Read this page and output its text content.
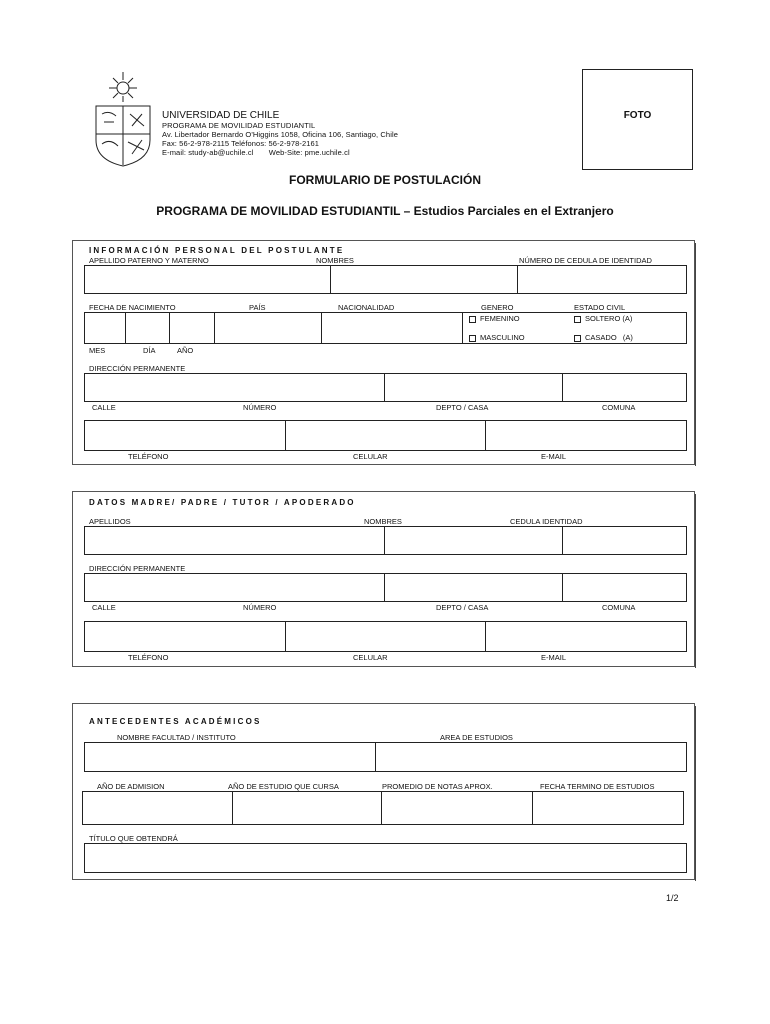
UNIVERSIDAD DE CHILE
PROGRAMA DE MOVILIDAD ESTUDIANTIL
Av. Libertador Bernardo O'Higgins 1058, Oficina 106, Santiago, Chile
Fax: 56-2-978-2115 Teléfonos: 56-2-978-2161
E-mail: study-ab@uchile.cl       Web-Site: pme.uchile.cl
FOTO
FORMULARIO DE POSTULACIÓN
PROGRAMA DE MOVILIDAD ESTUDIANTIL – Estudios Parciales en el Extranjero
INFORMACIÓN PERSONAL DEL POSTULANTE
APELLIDO PATERNO Y MATERNO	NOMBRES	NÚMERO DE CEDULA DE IDENTIDAD
FECHA DE NACIMIENTO	PAÍS	NACIONALIDAD	GENERO	ESTADO CIVIL
FEMENINO
MASCULINO
SOLTERO (A)
CASADO   (A)
MES	DÍA	AÑO
DIRECCIÓN PERMANENTE
CALLE	NÚMERO	DEPTO / CASA	COMUNA
TELÉFONO	CELULAR	E-MAIL
DATOS MADRE/ PADRE / TUTOR / APODERADO
APELLIDOS	NOMBRES	CEDULA IDENTIDAD
DIRECCIÓN PERMANENTE
CALLE	NÚMERO	DEPTO / CASA	COMUNA
TELÉFONO	CELULAR	E-MAIL
ANTECEDENTES ACADÉMICOS
NOMBRE FACULTAD / INSTITUTO	AREA DE ESTUDIOS
AÑO DE ADMISION	AÑO DE ESTUDIO QUE CURSA	PROMEDIO DE NOTAS APROX.	FECHA TERMINO DE ESTUDIOS
TÍTULO QUE OBTENDRÁ
1/2
